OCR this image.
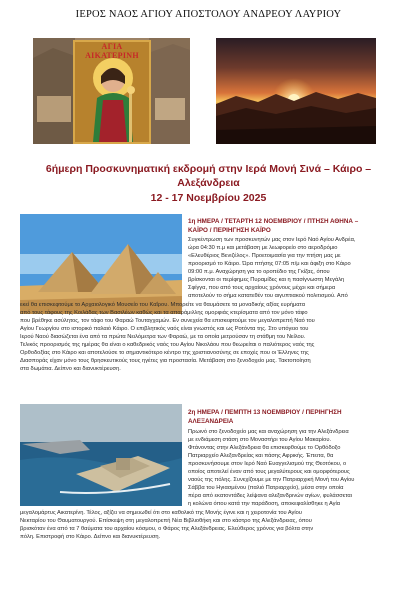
ΙΕΡΟΣ ΝΑΟΣ ΑΓΙΟΥ ΑΠΟΣΤΟΛΟΥ ΑΝΔΡΕΟΥ ΛΑΥΡΙΟΥ
ΑΓΙΑ ΑΙΚΑΤΕΡΙΝΗ
6ήμερη Προσκυνηματική εκδρομή στην Ιερά Μονή Σινά – Κάιρο –
Αλεξάνδρεια
12 - 17 Νοεμβρίου 2025
1η ΗΜΕΡΑ / ΤΕΤΑΡΤΗ 12 ΝΟΕΜΒΡΙΟΥ / ΠΤΗΣΗ ΑΘΗΝΑ –
ΚΑΪΡΟ / ΠΕΡΙΗΓΗΣΗ ΚΑΪΡΟ
Συγκέντρωση των προσκυνητών μας στον Ιερό Ναό Αγίου Ανδρέα,
ώρα 04:30 π.μ και μετάβαση με λεωφορείο στο αεροδρόμιο
«Ελευθέριος Βενιζέλος». Προετοιμασία για την πτήση μας με
προορισμό το Κάιρο. Ώρα πτήσης 07:05 π/μ και άφιξη στο Κάιρο
09:00 π.μ. Αναχώρηση για το οροπέδιο της Γκίζας, όπου
βρίσκονται οι περίφημες Πυραμίδες και η πασίγνωστη Μεγάλη
Σφίγγα, που από τους αρχαίους χρόνους μέχρι και σήμερα
αποτελούν το σήμα κατατεθέν του αιγυπτιακού πολιτισμού. Από
εκεί θα επισκεφτούμε το Αρχαιολογικό Μουσείο του Καΐρου. Μπορείτε να θαυμάσετε τα μοναδικής αξίας ευρήματα
από τους τάφους της Κοιλάδας των Βασιλέων καθώς και τα απαράμιλλης ομορφιάς κτερίσματα από τον μόνο τάφο
που βρέθηκε ασύλητος, τον τάφο του Φαραώ Τουταγχαμών. Εν συνεχεία θα επισκεφτούμε τον μεγαλοπρεπή Ναό του
Αγίου Γεωργίου στο ιστορικό παλαιό Κάιρο. Ο επιβλητικός ναός είναι γνωστός και ως Ροτόντα της. Στο υπόγειο του
Ιερού Ναού διασώζεται ένα από τα πρώτα Νειλόμετρα των Φαραώ, με τα οποία μετρούσαν τη στάθμη του Νείλου.
Τελικός προορισμός της ημέρας θα είναι ο καθεδρικός ναός του Αγίου Νικολάου που θεωρείται ο παλιότερος ναός της
Ορθοδοξίας στο Κάιρο και αποτελούσε το σημαντικότερο κέντρο της χριστιανοσύνης σε εποχές που οι Έλληνες της
Διασποράς είχαν μόνο τους θρησκευτικούς τους ηγέτες για προστασία. Μετάβαση στο ξενοδοχείο μας. Τακτοποίηση
στα δωμάτια. Δείπνο και διανυκτέρευση.
2η ΗΜΕΡΑ / ΠΕΜΠΤΗ 13 ΝΟΕΜΒΡΙΟΥ / ΠΕΡΙΗΓΗΣΗ
ΑΛΕΞΑΝΔΡΕΙΑ
Πρωινό στο ξενοδοχείο μας και αναχώρηση για την Αλεξάνδρεια
με ενδιάμεση στάση στο Μοναστήρι του Αγίου Μακαρίου.
Φτάνοντας στην Αλεξάνδρεια θα επισκεφθούμε το Ορθόδοξο
Πατριαρχείο Αλεξανδρείας και πάσης Αφρικής. Έπειτα, θα
προσκυνήσουμε στον Ιερό Ναό Ευαγγελισμού της Θεοτόκου, ο
οποίος αποτελεί έναν από τους μεγαλύτερους και ομορφότερους
ναούς της πόλης. Συνεχίζουμε με την Πατριαρχική Μονή του Αγίου
Σάββα του Ηγιασμένου (παλιό Πατριαρχείο), μέσα στην οποία
πέρα από εκατοντάδες λείψανα αλεξανδρινών αγίων, φυλάσσεται
η κολώνα όπου κατά την παράδοση, αποκεφαλίσθηκε η Αγία
μεγαλομάρτυς Αικατερίνη. Τέλος, αξίζει να σημειωθεί ότι στο καθολικό της Μονής έγινε και η χειροτονία του Αγίου
Νεκταρίου του Θαυματουργού. Επίσκεψη στη μεγαλοπρεπή Νέα Βιβλιοθήκη και στο κάστρο της Αλεξάνδρειας, όπου
βρισκόταν ένα από τα 7 θαύματα του αρχαίου κόσμου, ο Φάρος της Αλεξάνδρειας. Ελεύθερος χρόνος για βόλτα στην
πόλη. Επιστροφή στο Κάιρο. Δείπνο και διανυκτέρευση.
